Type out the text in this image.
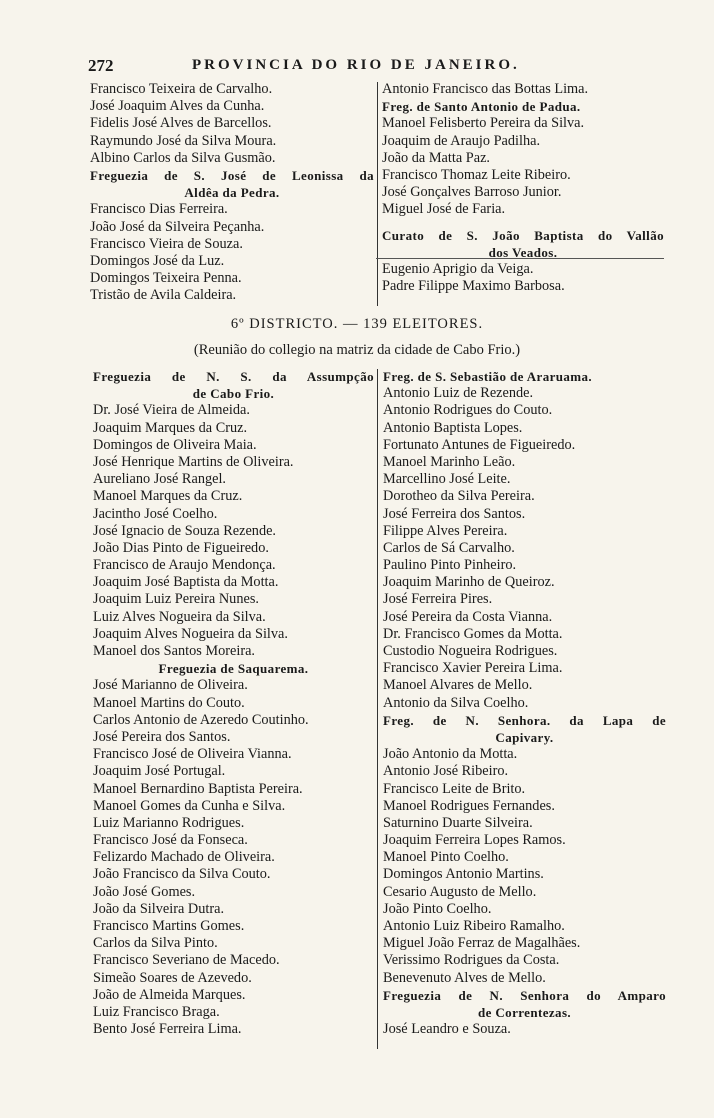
272	PROVINCIA DO RIO DE JANEIRO.
Francisco Teixeira de Carvalho.
José Joaquim Alves da Cunha.
Fidelis José Alves de Barcellos.
Raymundo José da Silva Moura.
Albino Carlos da Silva Gusmão.
Freguezia de S. José de Leonissa da
Aldêa da Pedra.
Francisco Dias Ferreira.
João José da Silveira Peçanha.
Francisco Vieira de Souza.
Domingos José da Luz.
Domingos Teixeira Penna.
Tristão de Avila Caldeira.
Antonio Francisco das Bottas Lima.
Freg. de Santo Antonio de Padua.
Manoel Felisberto Pereira da Silva.
Joaquim de Araujo Padilha.
João da Matta Paz.
Francisco Thomaz Leite Ribeiro.
José Gonçalves Barroso Junior.
Miguel José de Faria.
Curato de S. João Baptista do Vallão
dos Veados.
Eugenio Aprigio da Veiga.
Padre Filippe Maximo Barbosa.
6º DISTRICTO. — 139 ELEITORES.
(Reunião do collegio na matriz da cidade de Cabo Frio.)
Freguezia de N. S. da Assumpção
de Cabo Frio.
Dr. José Vieira de Almeida.
Joaquim Marques da Cruz.
Domingos de Oliveira Maia.
José Henrique Martins de Oliveira.
Aureliano José Rangel.
Manoel Marques da Cruz.
Jacintho José Coelho.
José Ignacio de Souza Rezende.
João Dias Pinto de Figueiredo.
Francisco de Araujo Mendonça.
Joaquim José Baptista da Motta.
Joaquim Luiz Pereira Nunes.
Luiz Alves Nogueira da Silva.
Joaquim Alves Nogueira da Silva.
Manoel dos Santos Moreira.
Freguezia de Saquarema.
José Marianno de Oliveira.
Manoel Martins do Couto.
Carlos Antonio de Azeredo Coutinho.
José Pereira dos Santos.
Francisco José de Oliveira Vianna.
Joaquim José Portugal.
Manoel Bernardino Baptista Pereira.
Manoel Gomes da Cunha e Silva.
Luiz Marianno Rodrigues.
Francisco José da Fonseca.
Felizardo Machado de Oliveira.
João Francisco da Silva Couto.
João José Gomes.
João da Silveira Dutra.
Francisco Martins Gomes.
Carlos da Silva Pinto.
Francisco Severiano de Macedo.
Simeão Soares de Azevedo.
João de Almeida Marques.
Luiz Francisco Braga.
Bento José Ferreira Lima.
Freg. de S. Sebastião de Araruama.
Antonio Luiz de Rezende.
Antonio Rodrigues do Couto.
Antonio Baptista Lopes.
Fortunato Antunes de Figueiredo.
Manoel Marinho Leão.
Marcellino José Leite.
Dorotheo da Silva Pereira.
José Ferreira dos Santos.
Filippe Alves Pereira.
Carlos de Sá Carvalho.
Paulino Pinto Pinheiro.
Joaquim Marinho de Queiroz.
José Ferreira Pires.
José Pereira da Costa Vianna.
Dr. Francisco Gomes da Motta.
Custodio Nogueira Rodrigues.
Francisco Xavier Pereira Lima.
Manoel Alvares de Mello.
Antonio da Silva Coelho.
Freg. de N. Senhora. da Lapa de
Capivary.
João Antonio da Motta.
Antonio José Ribeiro.
Francisco Leite de Brito.
Manoel Rodrigues Fernandes.
Saturnino Duarte Silveira.
Joaquim Ferreira Lopes Ramos.
Manoel Pinto Coelho.
Domingos Antonio Martins.
Cesario Augusto de Mello.
João Pinto Coelho.
Antonio Luiz Ribeiro Ramalho.
Miguel João Ferraz de Magalhães.
Verissimo Rodrigues da Costa.
Benevenuto Alves de Mello.
Freguezia de N. Senhora do Amparo
de Correntezas.
José Leandro e Souza.
